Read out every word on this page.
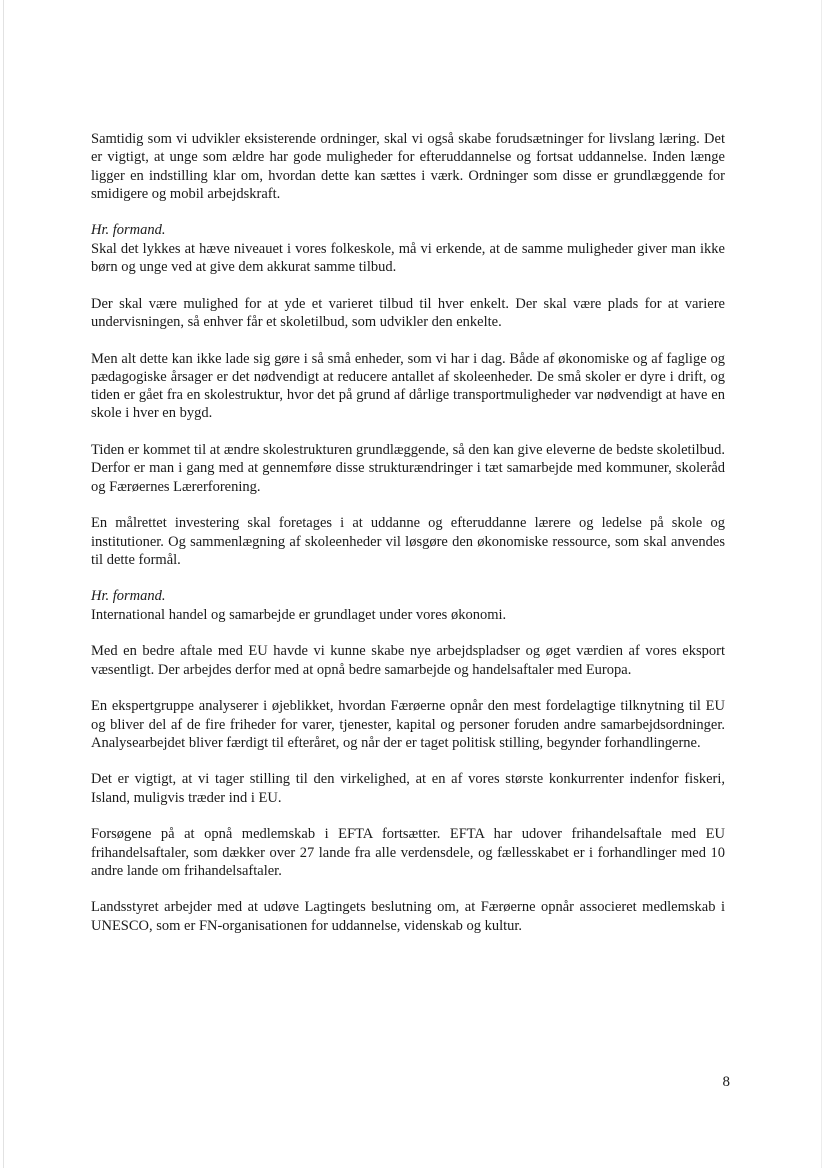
Samtidig som vi udvikler eksisterende ordninger, skal vi også skabe forudsætninger for livslang læring. Det er vigtigt, at unge som ældre har gode muligheder for efteruddannelse og fortsat uddannelse. Inden længe ligger en indstilling klar om, hvordan dette kan sættes i værk. Ordninger som disse er grundlæggende for smidigere og mobil arbejdskraft.

Hr. formand.

Skal det lykkes at hæve niveauet i vores folkeskole, må vi erkende, at de samme muligheder giver man ikke børn og unge ved at give dem akkurat samme tilbud.

Der skal være mulighed for at yde et varieret tilbud til hver enkelt. Der skal være plads for at variere undervisningen, så enhver får et skoletilbud, som udvikler den enkelte.

Men alt dette kan ikke lade sig gøre i så små enheder, som vi har i dag. Både af økonomiske og af faglige og pædagogiske årsager er det nødvendigt at reducere antallet af skoleenheder. De små skoler er dyre i drift, og tiden er gået fra en skolestruktur, hvor det på grund af dårlige transportmuligheder var nødvendigt at have en skole i hver en bygd.

Tiden er kommet til at ændre skolestrukturen grundlæggende, så den kan give eleverne de bedste skoletilbud. Derfor er man i gang med at gennemføre disse strukturændringer i tæt samarbejde med kommuner, skoleråd og Færøernes Lærerforening.

En målrettet investering skal foretages i at uddanne og efteruddanne lærere og ledelse på skole og institutioner. Og sammenlægning af skoleenheder vil løsgøre den økonomiske ressource, som skal anvendes til dette formål.

Hr. formand.

International handel og samarbejde er grundlaget under vores økonomi.

Med en bedre aftale med EU havde vi kunne skabe nye arbejdspladser og øget værdien af vores eksport væsentligt. Der arbejdes derfor med at opnå bedre samarbejde og handelsaftaler med Europa.

En ekspertgruppe analyserer i øjeblikket, hvordan Færøerne opnår den mest fordelagtige tilknytning til EU og bliver del af de fire friheder for varer, tjenester, kapital og personer foruden andre samarbejdsordninger. Analysearbejdet bliver færdigt til efteråret, og når der er taget politisk stilling, begynder forhandlingerne.

Det er vigtigt, at vi tager stilling til den virkelighed, at en af vores største konkurrenter indenfor fiskeri, Island, muligvis træder ind i EU.

Forsøgene på at opnå medlemskab i EFTA fortsætter. EFTA har udover frihandelsaftale med EU frihandelsaftaler, som dækker over 27 lande fra alle verdensdele, og fællesskabet er i forhandlinger med 10 andre lande om frihandelsaftaler.

Landsstyret arbejder med at udøve Lagtingets beslutning om, at Færøerne opnår associeret medlemskab i UNESCO, som er FN-organisationen for uddannelse, videnskab og kultur.

8
